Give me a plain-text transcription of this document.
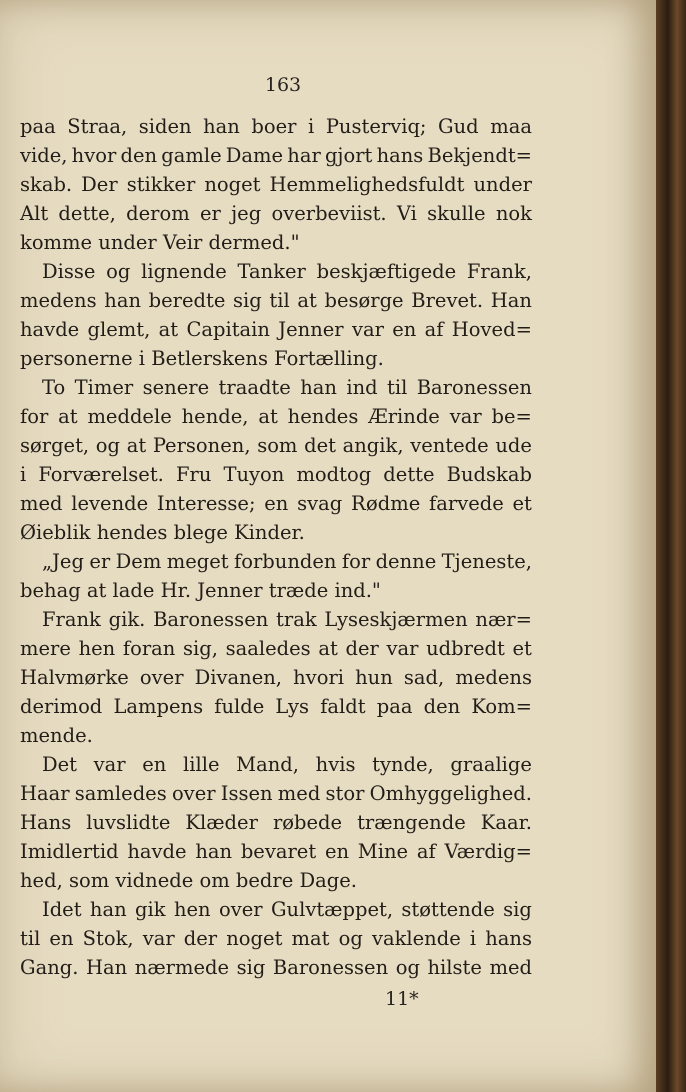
163
paa Straa, siden han boer i Pusterviq; Gud maa
vide, hvor den gamle Dame har gjort hans Bekjendt=
skab. Der stikker noget Hemmelighedsfuldt under
Alt dette, derom er jeg overbeviist. Vi skulle nok
komme under Veir dermed."
Disse og lignende Tanker beskjæftigede Frank,
medens han beredte sig til at besørge Brevet. Han
havde glemt, at Capitain Jenner var en af Hoved=
personerne i Betlerskens Fortælling.
To Timer senere traadte han ind til Baronessen
for at meddele hende, at hendes Ærinde var be=
sørget, og at Personen, som det angik, ventede ude
i Forværelset. Fru Tuyon modtog dette Budskab
med levende Interesse; en svag Rødme farvede et
Øieblik hendes blege Kinder.
„Jeg er Dem meget forbunden for denne Tjeneste,
behag at lade Hr. Jenner træde ind."
Frank gik. Baronessen trak Lyseskjærmen nær=
mere hen foran sig, saaledes at der var udbredt et
Halvmørke over Divanen, hvori hun sad, medens
derimod Lampens fulde Lys faldt paa den Kom=
mende.
Det var en lille Mand, hvis tynde, graalige
Haar samledes over Issen med stor Omhyggelighed.
Hans luvslidte Klæder røbede trængende Kaar.
Imidlertid havde han bevaret en Mine af Værdig=
hed, som vidnede om bedre Dage.
Idet han gik hen over Gulvtæppet, støttende sig
til en Stok, var der noget mat og vaklende i hans
Gang. Han nærmede sig Baronessen og hilste med
11*
